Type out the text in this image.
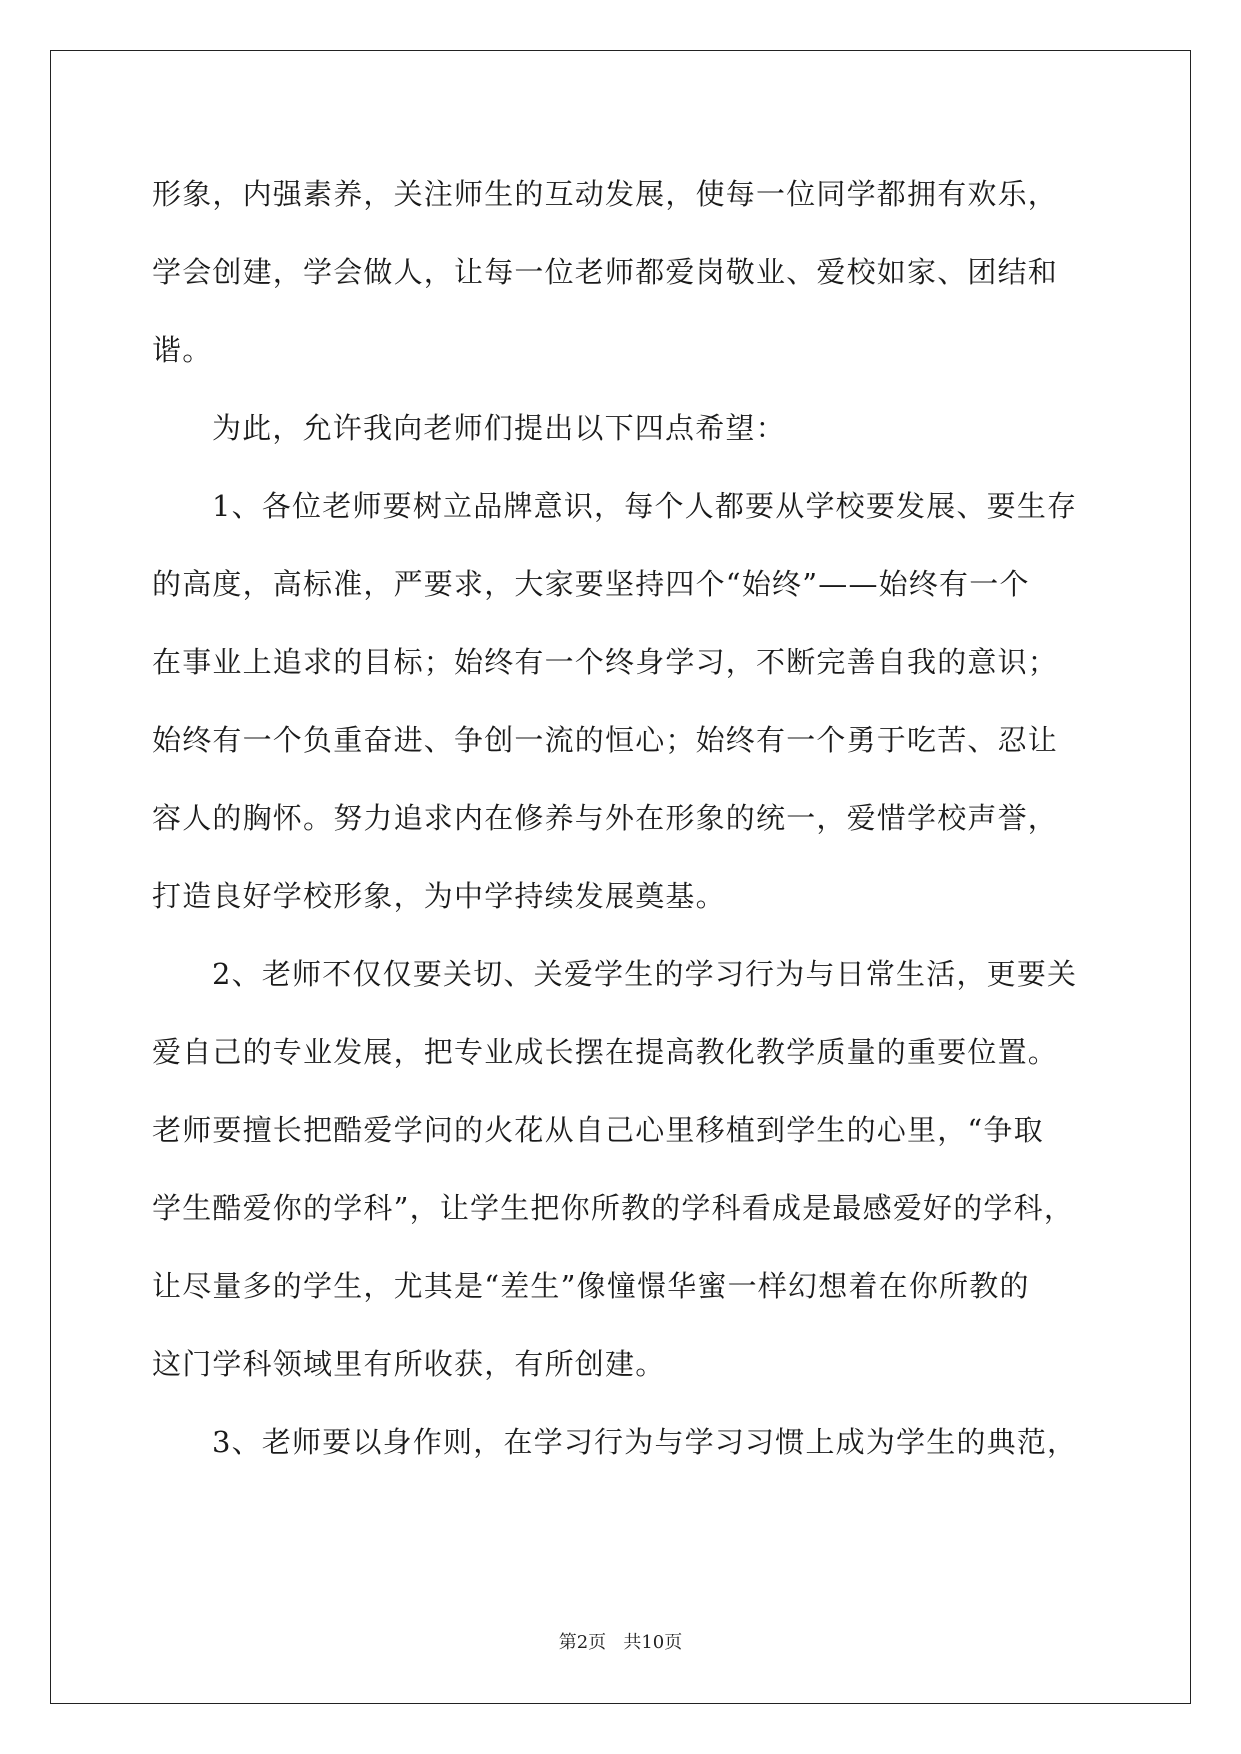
形象，内强素养，关注师生的互动发展，使每一位同学都拥有欢乐，
学会创建，学会做人，让每一位老师都爱岗敬业、爱校如家、团结和
谐。
为此，允许我向老师们提出以下四点希望：
1、各位老师要树立品牌意识，每个人都要从学校要发展、要生存
的高度，高标准，严要求，大家要坚持四个“始终”——始终有一个
在事业上追求的目标；始终有一个终身学习，不断完善自我的意识；
始终有一个负重奋进、争创一流的恒心；始终有一个勇于吃苦、忍让
容人的胸怀。努力追求内在修养与外在形象的统一，爱惜学校声誉，
打造良好学校形象，为中学持续发展奠基。
2、老师不仅仅要关切、关爱学生的学习行为与日常生活，更要关
爱自己的专业发展，把专业成长摆在提高教化教学质量的重要位置。
老师要擅长把酷爱学问的火花从自己心里移植到学生的心里，“争取
学生酷爱你的学科”，让学生把你所教的学科看成是最感爱好的学科，
让尽量多的学生，尤其是“差生”像憧憬华蜜一样幻想着在你所教的
这门学科领域里有所收获，有所创建。
3、老师要以身作则，在学习行为与学习习惯上成为学生的典范，
第2页   共10页
